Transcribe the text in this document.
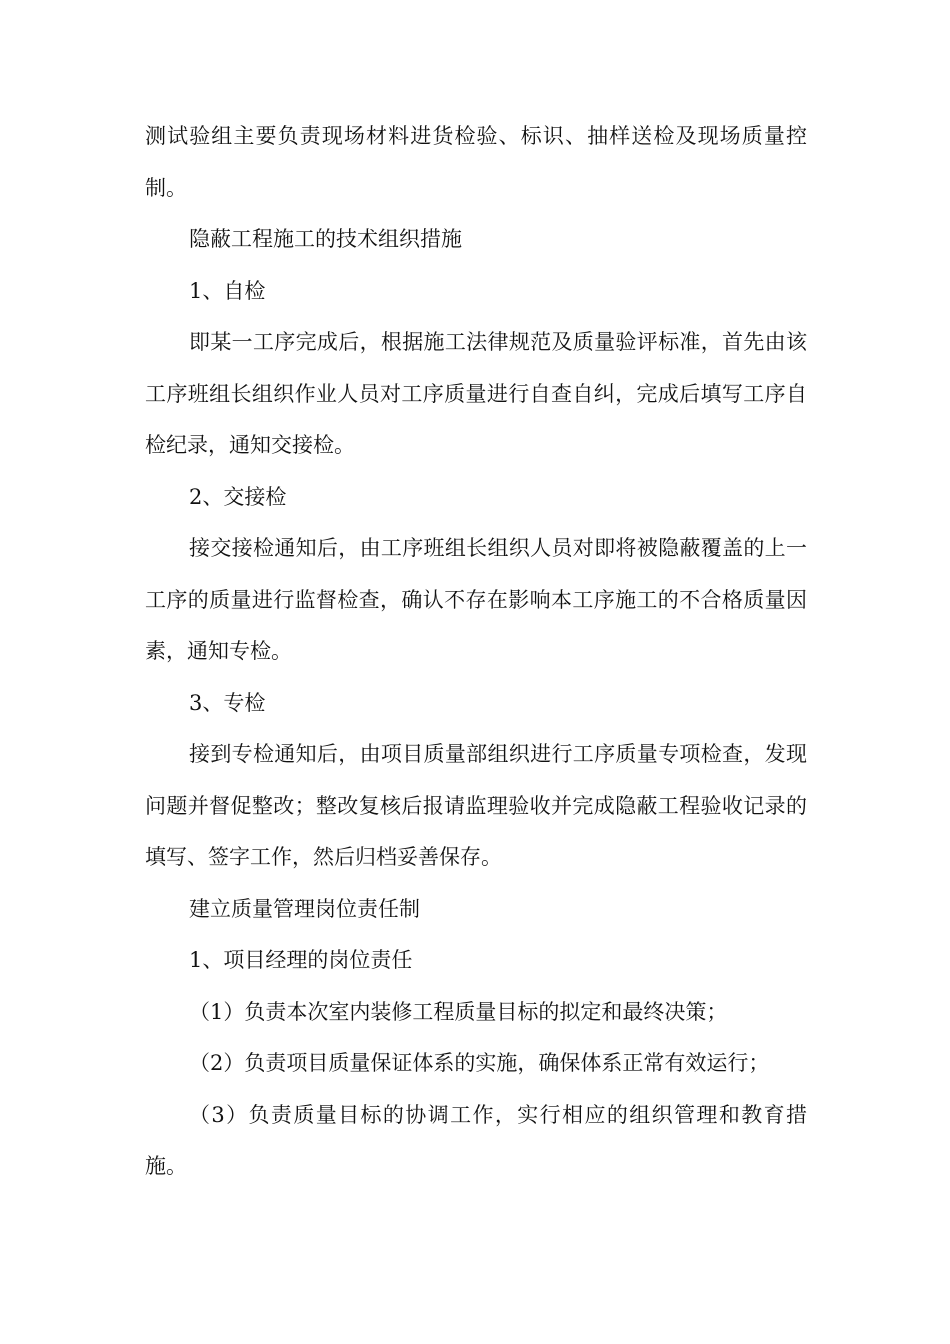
测试验组主要负责现场材料进货检验、标识、抽样送检及现场质量控制。

隐蔽工程施工的技术组织措施

1、自检

即某一工序完成后，根据施工法律规范及质量验评标准，首先由该工序班组长组织作业人员对工序质量进行自查自纠，完成后填写工序自检纪录，通知交接检。

2、交接检

接交接检通知后，由工序班组长组织人员对即将被隐蔽覆盖的上一工序的质量进行监督检查，确认不存在影响本工序施工的不合格质量因素，通知专检。

3、专检

接到专检通知后，由项目质量部组织进行工序质量专项检查，发现问题并督促整改；整改复核后报请监理验收并完成隐蔽工程验收记录的填写、签字工作，然后归档妥善保存。

建立质量管理岗位责任制

1、项目经理的岗位责任

（1）负责本次室内装修工程质量目标的拟定和最终决策；

（2）负责项目质量保证体系的实施，确保体系正常有效运行；

（3）负责质量目标的协调工作，实行相应的组织管理和教育措施。
